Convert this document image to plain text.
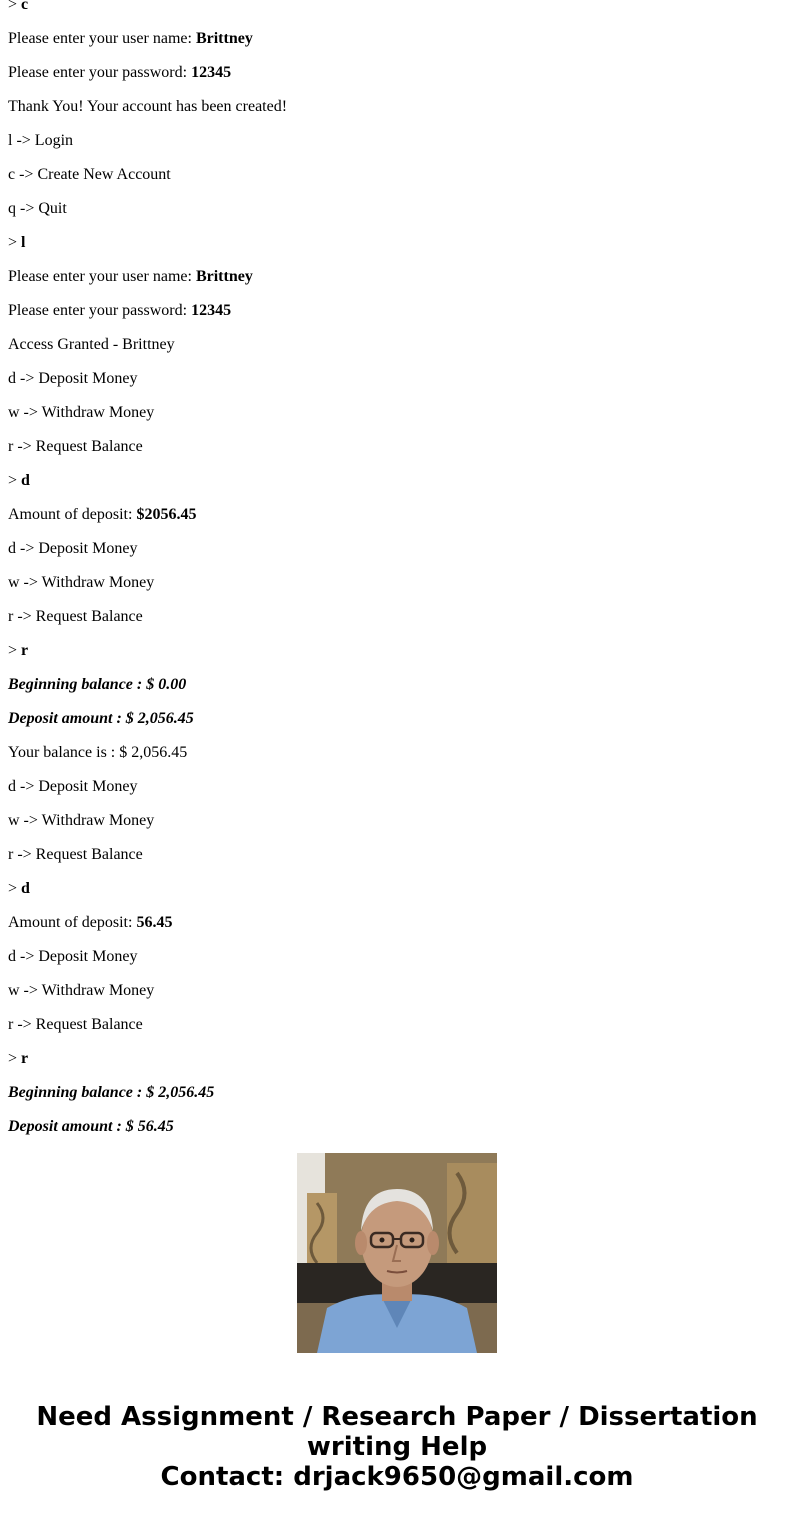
> c

Please enter your user name: Brittney

Please enter your password: 12345

Thank You! Your account has been created!

l -> Login

c -> Create New Account

q -> Quit

> l

Please enter your user name: Brittney

Please enter your password: 12345

Access Granted - Brittney

d -> Deposit Money

w -> Withdraw Money

r -> Request Balance

> d

Amount of deposit: $2056.45

d -> Deposit Money

w -> Withdraw Money

r -> Request Balance

> r

Beginning balance : $ 0.00

Deposit amount : $ 2,056.45

Your balance is : $ 2,056.45

d -> Deposit Money

w -> Withdraw Money

r -> Request Balance

> d

Amount of deposit: 56.45

d -> Deposit Money

w -> Withdraw Money

r -> Request Balance

> r

Beginning balance : $ 2,056.45

Deposit amount : $ 56.45

Need Assignment / Research Paper / Dissertation
writing Help
Contact: drjack9650@gmail.com
